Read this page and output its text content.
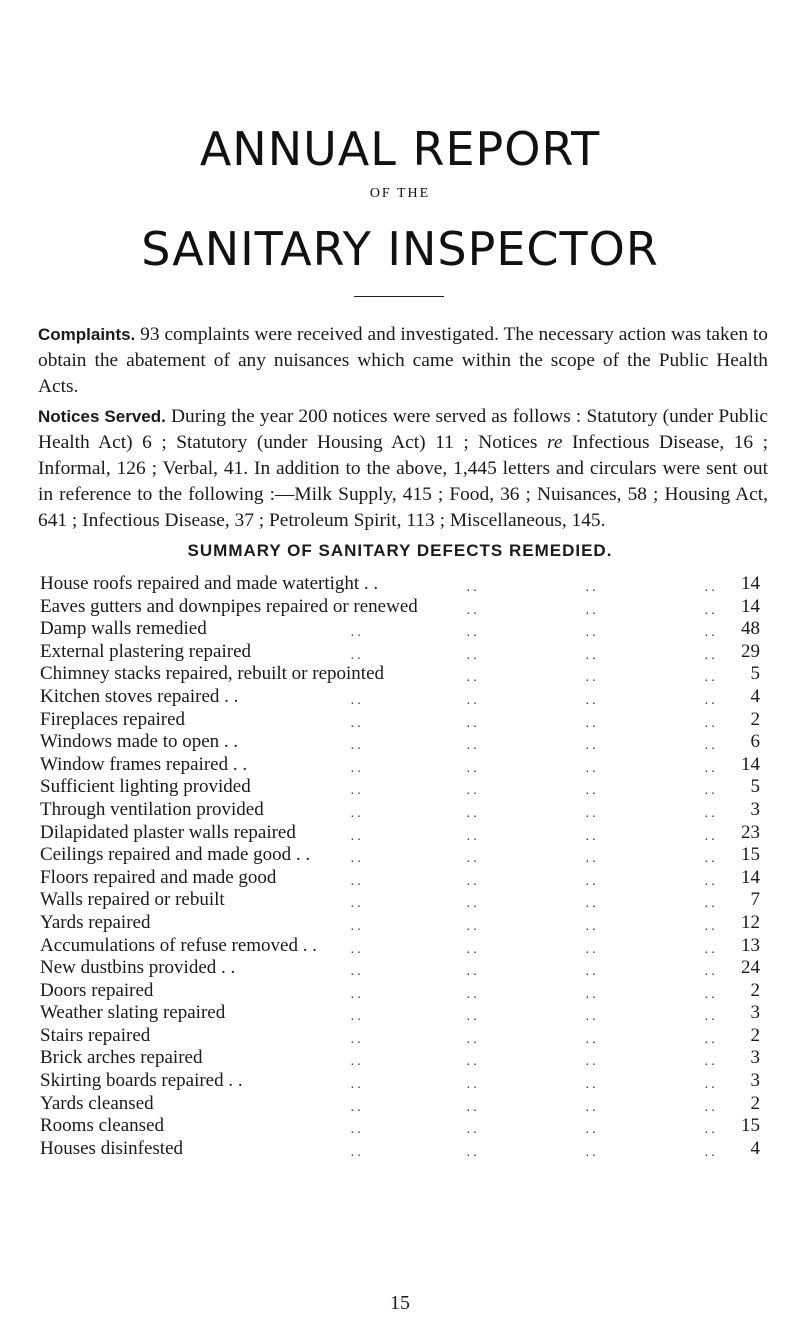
ANNUAL REPORT
OF THE
SANITARY INSPECTOR
Complaints. 93 complaints were received and investigated. The necessary action was taken to obtain the abatement of any nuisances which came within the scope of the Public Health Acts.
Notices Served. During the year 200 notices were served as follows : Statutory (under Public Health Act) 6 ; Statutory (under Housing Act) 11 ; Notices re Infectious Disease, 16 ; Informal, 126 ; Verbal, 41. In addition to the above, 1,445 letters and circulars were sent out in reference to the following :—Milk Supply, 415 ; Food, 36 ; Nuisances, 58 ; Housing Act, 641 ; Infectious Disease, 37 ; Petroleum Spirit, 113 ; Miscellaneous, 145.
SUMMARY OF SANITARY DEFECTS REMEDIED.
House roofs repaired and made watertight . .	14
··	··	··
Eaves gutters and downpipes repaired or renewed	14
··	··	··
Damp walls remedied	48
··	··	··	··
External plastering repaired	29
··	··	··	··
Chimney stacks repaired, rebuilt or repointed	5
··	··	··
Kitchen stoves repaired . .	4
··	··	··	··
Fireplaces repaired	2
··	··	··	··
Windows made to open . .	6
··	··	··	··
Window frames repaired . .	14
··	··	··	··
Sufficient lighting provided	5
··	··	··	··
Through ventilation provided	3
··	··	··	··
Dilapidated plaster walls repaired	23
··	··	··	··
Ceilings repaired and made good . .	15
··	··	··	··
Floors repaired and made good	14
··	··	··	··
Walls repaired or rebuilt	7
··	··	··	··
Yards repaired	12
··	··	··	··
Accumulations of refuse removed . .	13
··	··	··	··
New dustbins provided . .	24
··	··	··	··
Doors repaired	2
··	··	··	··
Weather slating repaired	3
··	··	··	··
Stairs repaired	2
··	··	··	··
Brick arches repaired	3
··	··	··	··
Skirting boards repaired . .	3
··	··	··	··
Yards cleansed	2
··	··	··	··
Rooms cleansed	15
··	··	··	··
Houses disinfested	4
··	··	··	··
15
